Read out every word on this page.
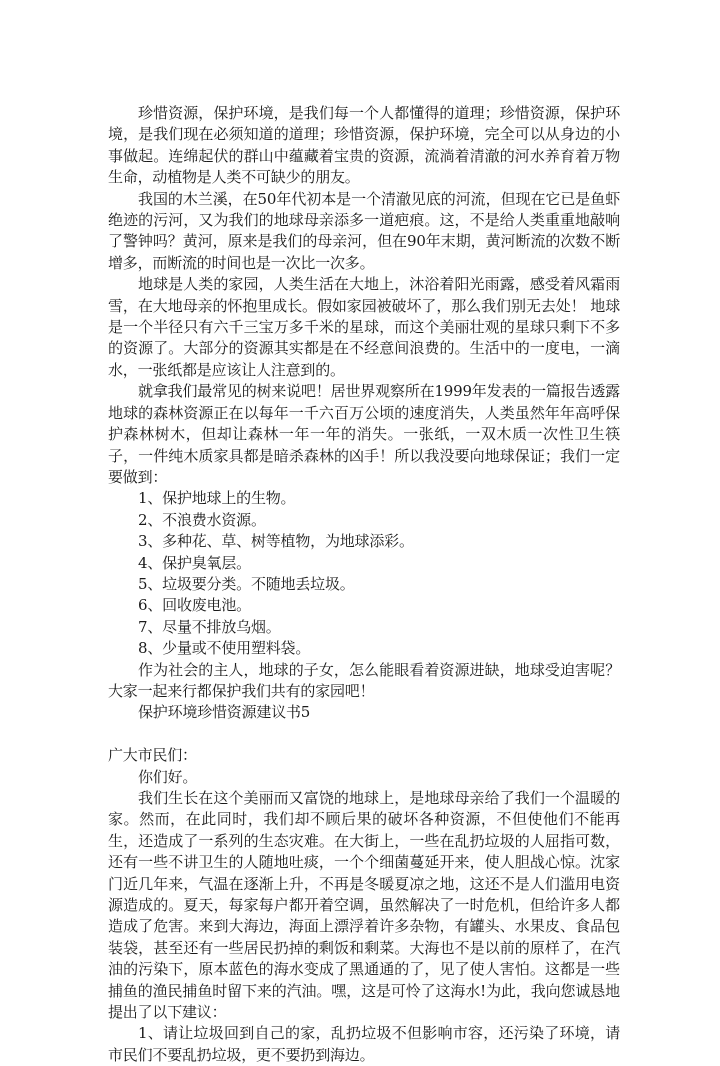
珍惜资源，保护环境，是我们每一个人都懂得的道理；珍惜资源，保护环境，是我们现在必须知道的道理；珍惜资源，保护环境，完全可以从身边的小事做起。连绵起伏的群山中蕴藏着宝贵的资源，流淌着清澈的河水养育着万物生命，动植物是人类不可缺少的朋友。

我国的木兰溪，在50年代初本是一个清澈见底的河流，但现在它已是鱼虾绝迹的污河，又为我们的地球母亲添多一道疤痕。这，不是给人类重重地敲响了警钟吗？黄河，原来是我们的母亲河，但在90年末期，黄河断流的次数不断增多，而断流的时间也是一次比一次多。

地球是人类的家园，人类生活在大地上，沐浴着阳光雨露，感受着风霜雨雪，在大地母亲的怀抱里成长。假如家园被破坏了，那么我们别无去处！ 地球是一个半径只有六千三宝万多千米的星球，而这个美丽壮观的星球只剩下不多的资源了。大部分的资源其实都是在不经意间浪费的。生活中的一度电，一滴水，一张纸都是应该让人注意到的。

就拿我们最常见的树来说吧！居世界观察所在1999年发表的一篇报告透露地球的森林资源正在以每年一千六百万公顷的速度消失，人类虽然年年高呼保护森林树木，但却让森林一年一年的消失。一张纸，一双木质一次性卫生筷子，一件纯木质家具都是暗杀森林的凶手！所以我没要向地球保证；我们一定要做到：

1、保护地球上的生物。

2、不浪费水资源。

3、多种花、草、树等植物，为地球添彩。

4、保护臭氧层。

5、垃圾要分类。不随地丢垃圾。

6、回收废电池。

7、尽量不排放乌烟。

8、少量或不使用塑料袋。

作为社会的主人，地球的子女，怎么能眼看着资源进缺，地球受迫害呢？大家一起来行都保护我们共有的家园吧！

保护环境珍惜资源建议书5

广大市民们：

你们好。

我们生长在这个美丽而又富饶的地球上，是地球母亲给了我们一个温暖的家。然而，在此同时，我们却不顾后果的破坏各种资源，不但使他们不能再生，还造成了一系列的生态灾难。在大街上，一些在乱扔垃圾的人屈指可数，还有一些不讲卫生的人随地吐痰，一个个细菌蔓延开来，使人胆战心惊。沈家门近几年来，气温在逐渐上升，不再是冬暖夏凉之地，这还不是人们滥用电资源造成的。夏天，每家每户都开着空调，虽然解决了一时危机，但给许多人都造成了危害。来到大海边，海面上漂浮着许多杂物，有罐头、水果皮、食品包装袋，甚至还有一些居民扔掉的剩饭和剩菜。大海也不是以前的原样了，在汽油的污染下，原本蓝色的海水变成了黑通通的了，见了使人害怕。这都是一些捕鱼的渔民捕鱼时留下来的汽油。嘿，这是可怜了这海水!为此，我向您诚恳地提出了以下建议：

1、请让垃圾回到自己的家，乱扔垃圾不但影响市容，还污染了环境，请市民们不要乱扔垃圾，更不要扔到海边。
